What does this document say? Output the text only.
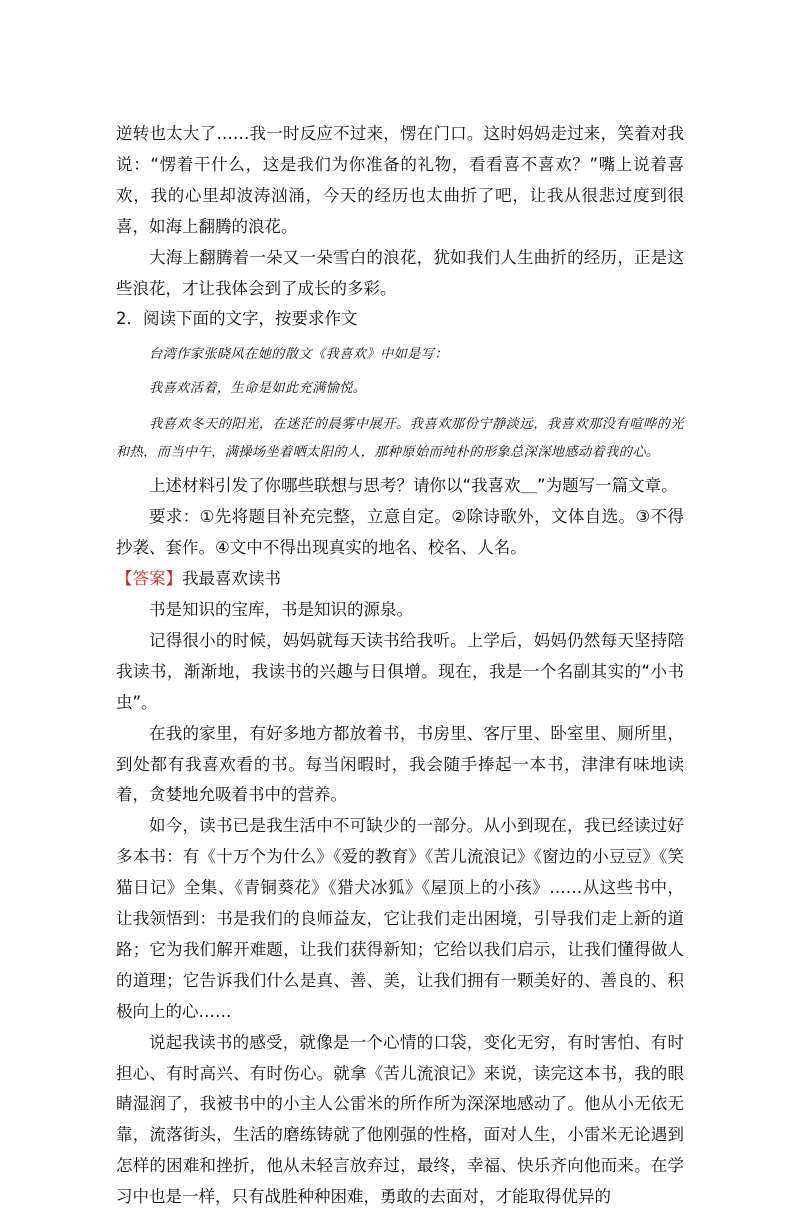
逆转也太大了……我一时反应不过来，愣在门口。这时妈妈走过来，笑着对我说：“愣着干什么，这是我们为你准备的礼物，看看喜不喜欢？”嘴上说着喜欢，我的心里却波涛汹涌，今天的经历也太曲折了吧，让我从很悲过度到很喜，如海上翻腾的浪花。

大海上翻腾着一朵又一朵雪白的浪花，犹如我们人生曲折的经历，正是这些浪花，才让我体会到了成长的多彩。

2．阅读下面的文字，按要求作文

台湾作家张晓风在她的散文《我喜欢》中如是写：

我喜欢活着，生命是如此充满愉悦。

我喜欢冬天的阳光，在迷茫的晨雾中展开。我喜欢那份宁静淡远，我喜欢那没有喧哗的光和热，而当中午，满操场坐着晒太阳的人，那种原始而纯朴的形象总深深地感动着我的心。

上述材料引发了你哪些联想与思考？请你以“我喜欢＿”为题写一篇文章。

要求：①先将题目补充完整，立意自定。②除诗歌外，文体自选。③不得抄袭、套作。④文中不得出现真实的地名、校名、人名。

【答案】我最喜欢读书

书是知识的宝库，书是知识的源泉。

记得很小的时候，妈妈就每天读书给我听。上学后，妈妈仍然每天坚持陪我读书，渐渐地，我读书的兴趣与日俱增。现在，我是一个名副其实的“小书虫”。

在我的家里，有好多地方都放着书，书房里、客厅里、卧室里、厕所里，到处都有我喜欢看的书。每当闲暇时，我会随手捧起一本书，津津有味地读着，贪婪地允吸着书中的营养。

如今，读书已是我生活中不可缺少的一部分。从小到现在，我已经读过好多本书：有《十万个为什么》《爱的教育》《苦儿流浪记》《窗边的小豆豆》《笑猫日记》全集、《青铜葵花》《猎犬冰狐》《屋顶上的小孩》……从这些书中，让我领悟到：书是我们的良师益友，它让我们走出困境，引导我们走上新的道路；它为我们解开难题，让我们获得新知；它给以我们启示，让我们懂得做人的道理；它告诉我们什么是真、善、美，让我们拥有一颗美好的、善良的、积极向上的心……

说起我读书的感受，就像是一个心情的口袋，变化无穷，有时害怕、有时担心、有时高兴、有时伤心。就拿《苦儿流浪记》来说，读完这本书，我的眼睛湿润了，我被书中的小主人公雷米的所作所为深深地感动了。他从小无依无靠，流落街头，生活的磨练铸就了他刚强的性格，面对人生，小雷米无论遇到怎样的困难和挫折，他从未轻言放弃过，最终，幸福、快乐齐向他而来。在学习中也是一样，只有战胜种种困难，勇敢的去面对，才能取得优异的
